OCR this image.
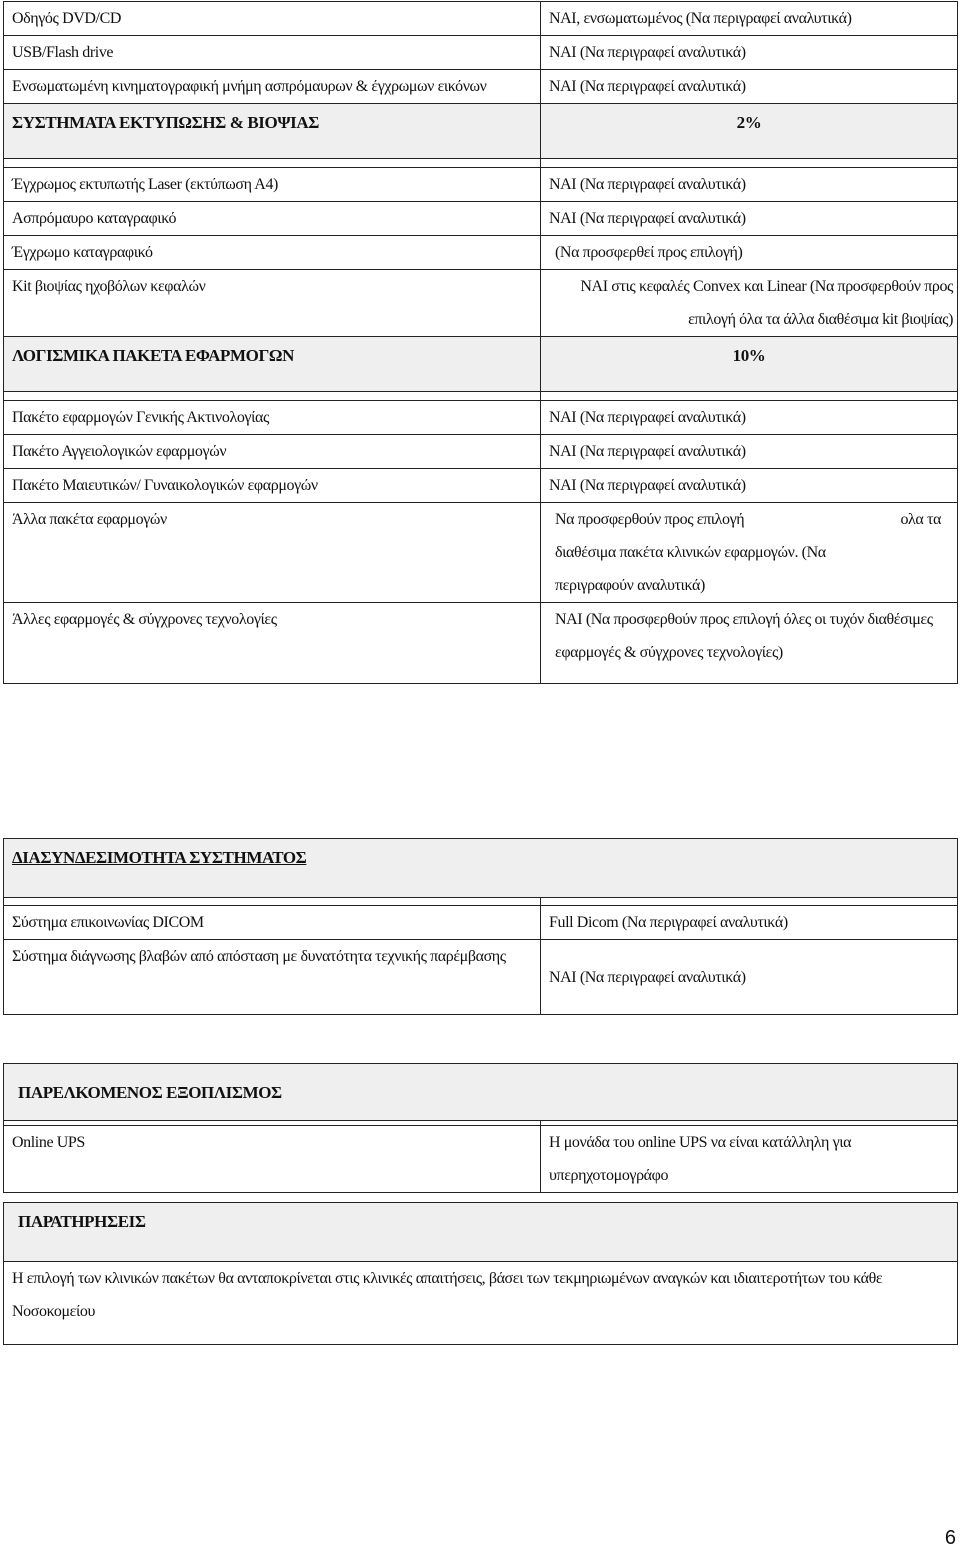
Οδηγός DVD/CD	ΝΑΙ, ενσωματωμένος (Να περιγραφεί αναλυτικά)
USB/Flash drive	ΝΑΙ (Να περιγραφεί αναλυτικά)
Ενσωματωμένη κινηματογραφική μνήμη ασπρόμαυρων & έγχρωμων εικόνων	ΝΑΙ (Να περιγραφεί αναλυτικά)
ΣΥΣΤΗΜΑΤΑ ΕΚΤΥΠΩΣΗΣ & ΒΙΟΨΙΑΣ	2%

Έγχρωμος εκτυπωτής Laser (εκτύπωση Α4)	ΝΑΙ (Να περιγραφεί αναλυτικά)
Ασπρόμαυρο καταγραφικό	ΝΑΙ (Να περιγραφεί αναλυτικά)
Έγχρωμο καταγραφικό	(Να προσφερθεί προς επιλογή)
Kit βιοψίας ηχοβόλων κεφαλών	ΝΑΙ στις κεφαλές Convex και Linear (Να προσφερθούν προς επιλογή όλα τα άλλα διαθέσιμα kit βιοψίας)
ΛΟΓΙΣΜΙΚΑ ΠΑΚΕΤΑ ΕΦΑΡΜΟΓΩΝ	10%

Πακέτο εφαρμογών Γενικής Ακτινολογίας	ΝΑΙ (Να περιγραφεί αναλυτικά)
Πακέτο Αγγειολογικών εφαρμογών	ΝΑΙ (Να περιγραφεί αναλυτικά)
Πακέτο Μαιευτικών/ Γυναικολογικών εφαρμογών	ΝΑΙ (Να περιγραφεί αναλυτικά)
Άλλα πακέτα εφαρμογών	Να προσφερθούν προς επιλογή ολα τα
διαθέσιμα πακέτα κλινικών εφαρμογών. (Να περιγραφούν αναλυτικά)

Άλλες εφαρμογές & σύγχρονες τεχνολογίες	ΝΑΙ (Να προσφερθούν προς επιλογή όλες οι τυχόν διαθέσιμες εφαρμογές & σύγχρονες τεχνολογίες)
ΔΙΑΣΥΝΔΕΣΙΜΟΤΗΤΑ ΣΥΣΤΗΜΑΤΟΣ	

Σύστημα επικοινωνίας DICOM	Full Dicom (Να περιγραφεί αναλυτικά)
Σύστημα διάγνωσης βλαβών από απόσταση με δυνατότητα τεχνικής παρέμβασης	ΝΑΙ (Να περιγραφεί αναλυτικά)
ΠΑΡΕΛΚΟΜΕΝΟΣ ΕΞΟΠΛΙΣΜΟΣ	

Online UPS	Η μονάδα του online UPS να είναι κατάλληλη για υπερηχοτομογράφο
ΠΑΡΑΤΗΡΗΣΕΙΣ
Η επιλογή των κλινικών πακέτων θα ανταποκρίνεται στις κλινικές απαιτήσεις, βάσει των τεκμηριωμένων αναγκών και ιδιαιτεροτήτων του κάθε Νοσοκομείου
6
